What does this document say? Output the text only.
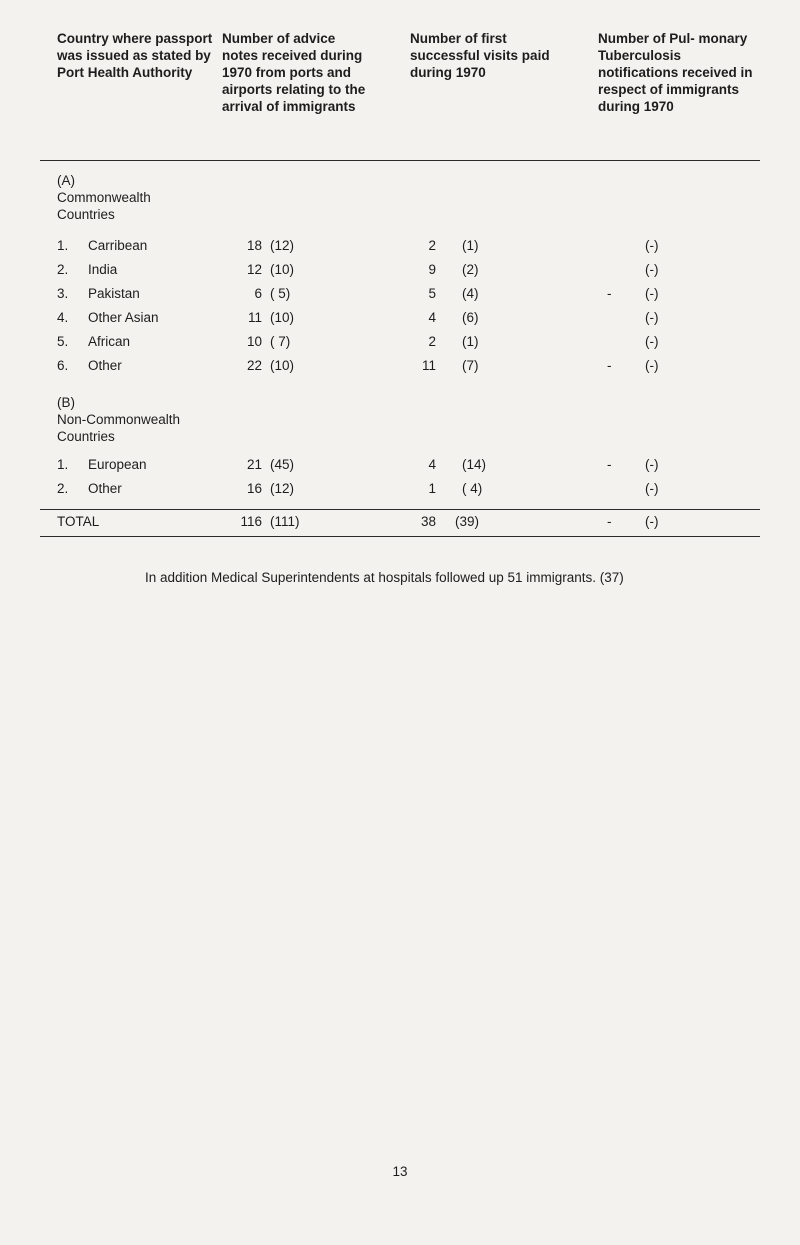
Country where passport was issued as stated by Port Health Authority
Number of advice notes received during 1970 from ports and airports relating to the arrival of immigrants
Number of first successful visits paid during 1970
Number of Pul- monary Tuberculosis notifications received in respect of immigrants during 1970
(A)
Commonwealth Countries
1. Carribean	18 (12)	2 (1)	(-)
2. India	12 (10)	9 (2)	(-)
3. Pakistan	6 ( 5)	5 (4)	- (-)
4. Other Asian	11 (10)	4 (6)	(-)
5. African	10 ( 7)	2 (1)	(-)
6. Other	22 (10)	11 (7)	- (-)
(B)
Non-Commonwealth Countries
1. European	21 (45)	4 (14)	- (-)
2. Other	16 (12)	1 ( 4)	(-)
TOTAL	116 (111)	38 (39)	- (-)
In addition Medical Superintendents at hospitals followed up 51 immigrants. (37)
13
